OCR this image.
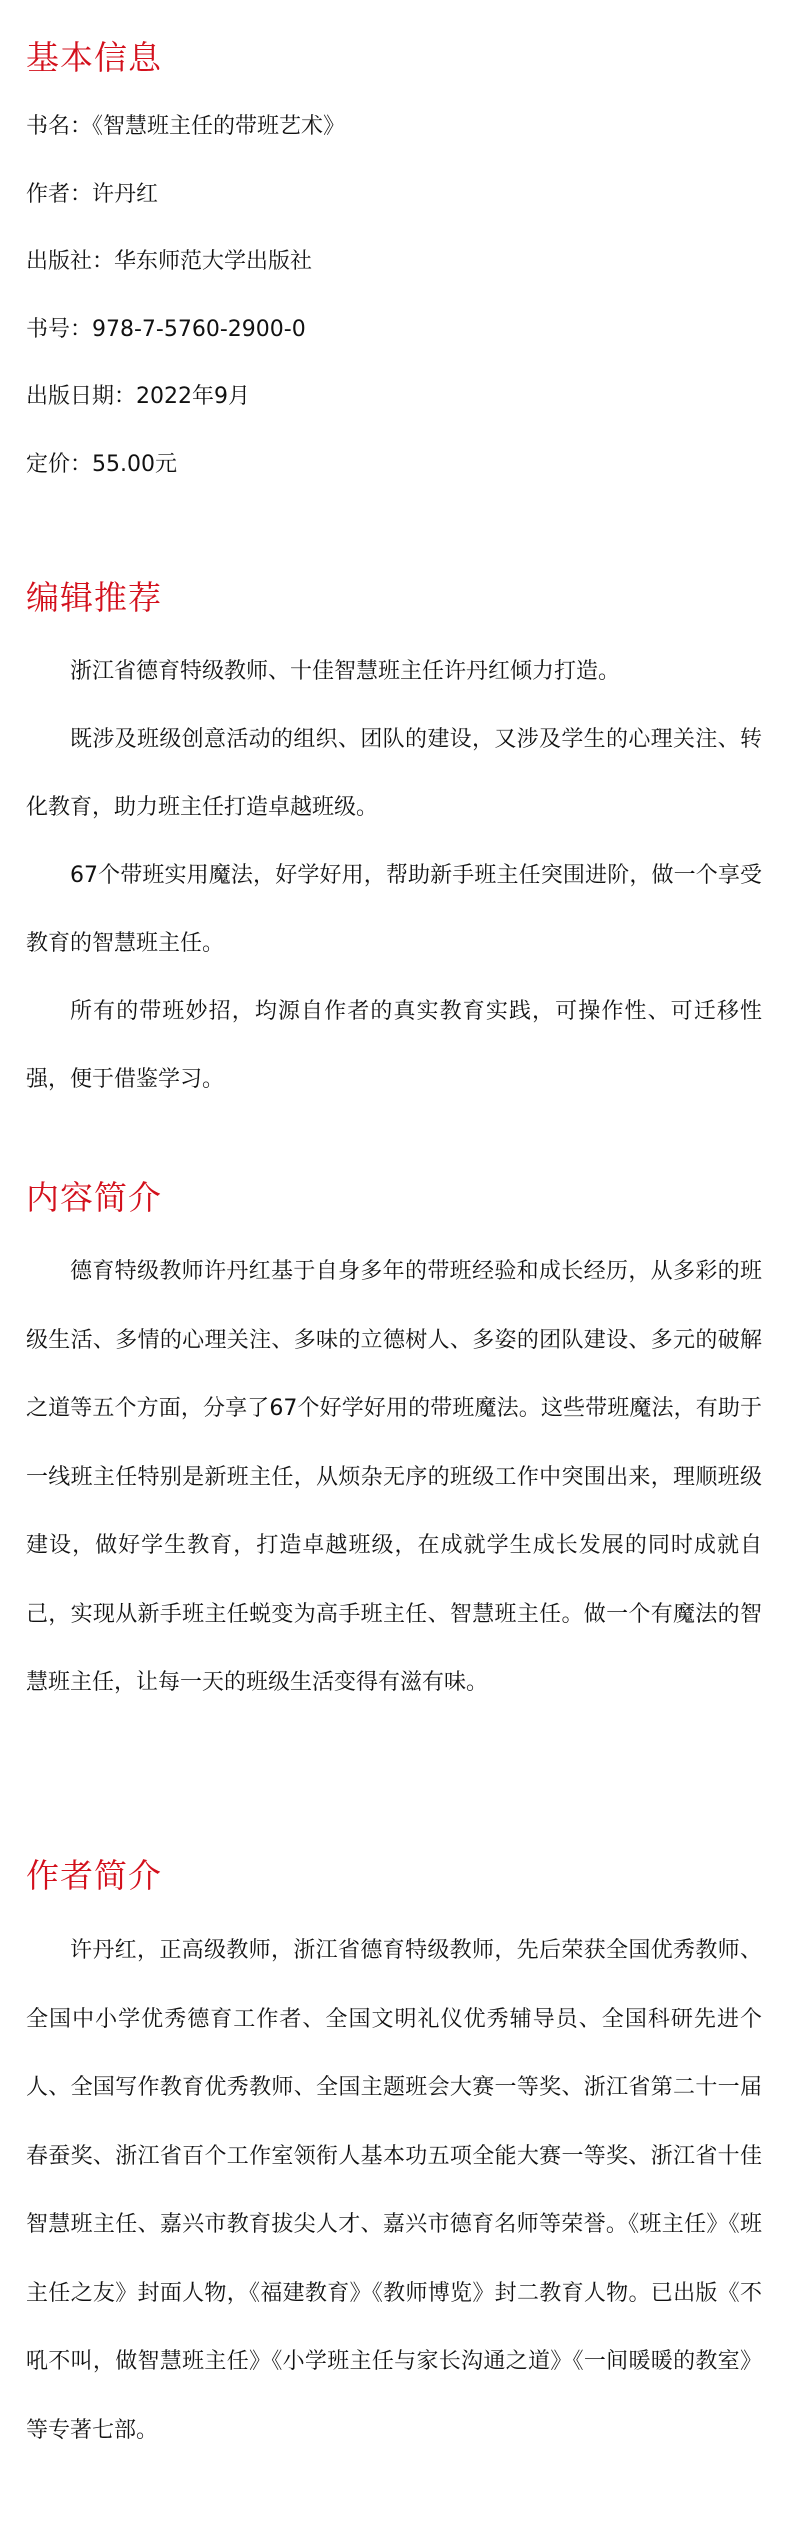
基本信息

书名：《智慧班主任的带班艺术》

作者：许丹红

出版社：华东师范大学出版社

书号：978-7-5760-2900-0

出版日期：2022年9月

定价：55.00元

编辑推荐

浙江省德育特级教师、十佳智慧班主任许丹红倾力打造。

既涉及班级创意活动的组织、团队的建设，又涉及学生的心理关注、转化教育，助力班主任打造卓越班级。

67个带班实用魔法，好学好用，帮助新手班主任突围进阶，做一个享受教育的智慧班主任。

所有的带班妙招，均源自作者的真实教育实践，可操作性、可迁移性强，便于借鉴学习。

内容简介

德育特级教师许丹红基于自身多年的带班经验和成长经历，从多彩的班级生活、多情的心理关注、多味的立德树人、多姿的团队建设、多元的破解之道等五个方面，分享了67个好学好用的带班魔法。这些带班魔法，有助于一线班主任特别是新班主任，从烦杂无序的班级工作中突围出来，理顺班级建设，做好学生教育，打造卓越班级，在成就学生成长发展的同时成就自己，实现从新手班主任蜕变为高手班主任、智慧班主任。做一个有魔法的智慧班主任，让每一天的班级生活变得有滋有味。

作者简介

许丹红，正高级教师，浙江省德育特级教师，先后荣获全国优秀教师、全国中小学优秀德育工作者、全国文明礼仪优秀辅导员、全国科研先进个人、全国写作教育优秀教师、全国主题班会大赛一等奖、浙江省第二十一届春蚕奖、浙江省百个工作室领衔人基本功五项全能大赛一等奖、浙江省十佳智慧班主任、嘉兴市教育拔尖人才、嘉兴市德育名师等荣誉。《班主任》《班主任之友》封面人物，《福建教育》《教师博览》封二教育人物。已出版《不吼不叫，做智慧班主任》《小学班主任与家长沟通之道》《一间暖暖的教室》等专著七部。
